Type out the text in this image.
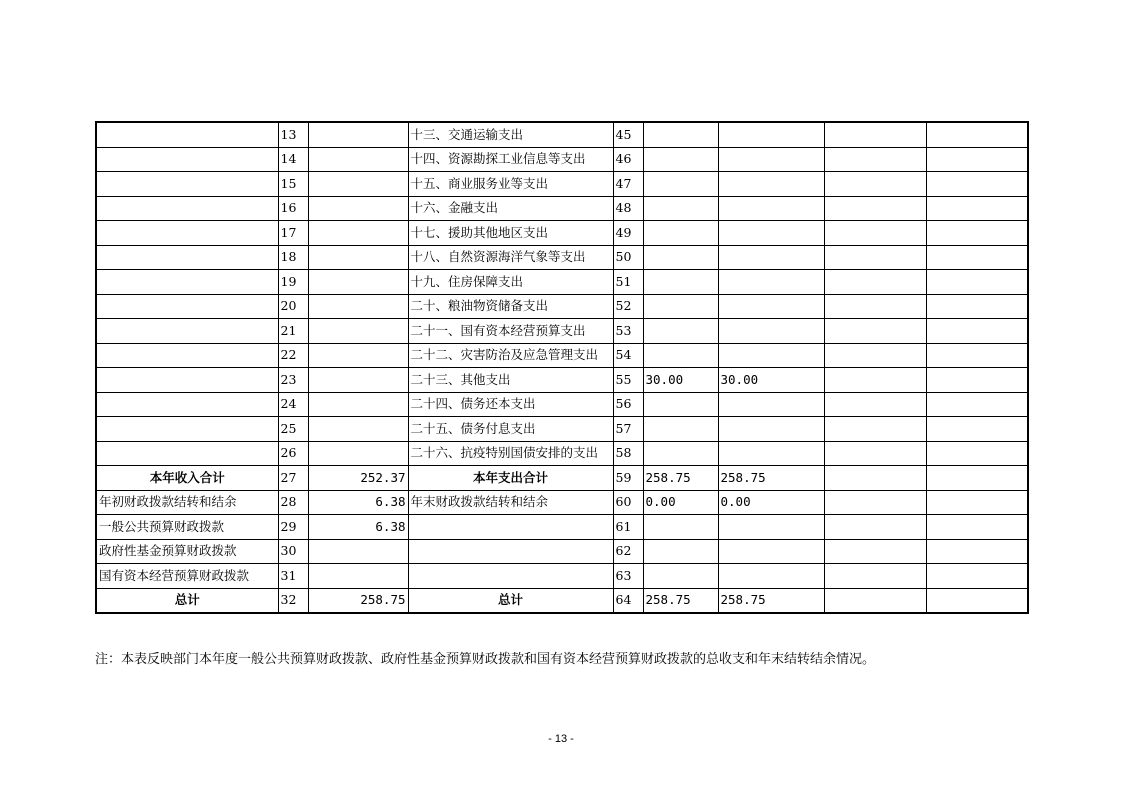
	13		十三、交通运输支出	45				
	14		十四、资源勘探工业信息等支出	46				
	15		十五、商业服务业等支出	47				
	16		十六、金融支出	48				
	17		十七、援助其他地区支出	49				
	18		十八、自然资源海洋气象等支出	50				
	19		十九、住房保障支出	51				
	20		二十、粮油物资储备支出	52				
	21		二十一、国有资本经营预算支出	53				
	22		二十二、灾害防治及应急管理支出	54				
	23		二十三、其他支出	55	30.00	30.00		
	24		二十四、债务还本支出	56				
	25		二十五、债务付息支出	57				
	26		二十六、抗疫特别国债安排的支出	58				
本年收入合计	27	252.37	本年支出合计	59	258.75	258.75		
年初财政拨款结转和结余	28	6.38	年末财政拨款结转和结余	60	0.00	0.00		
一般公共预算财政拨款	29	6.38		61				
政府性基金预算财政拨款	30			62				
国有资本经营预算财政拨款	31			63				
总计	32	258.75	总计	64	258.75	258.75		
注：本表反映部门本年度一般公共预算财政拨款、政府性基金预算财政拨款和国有资本经营预算财政拨款的总收支和年末结转结余情况。
- 13 -
